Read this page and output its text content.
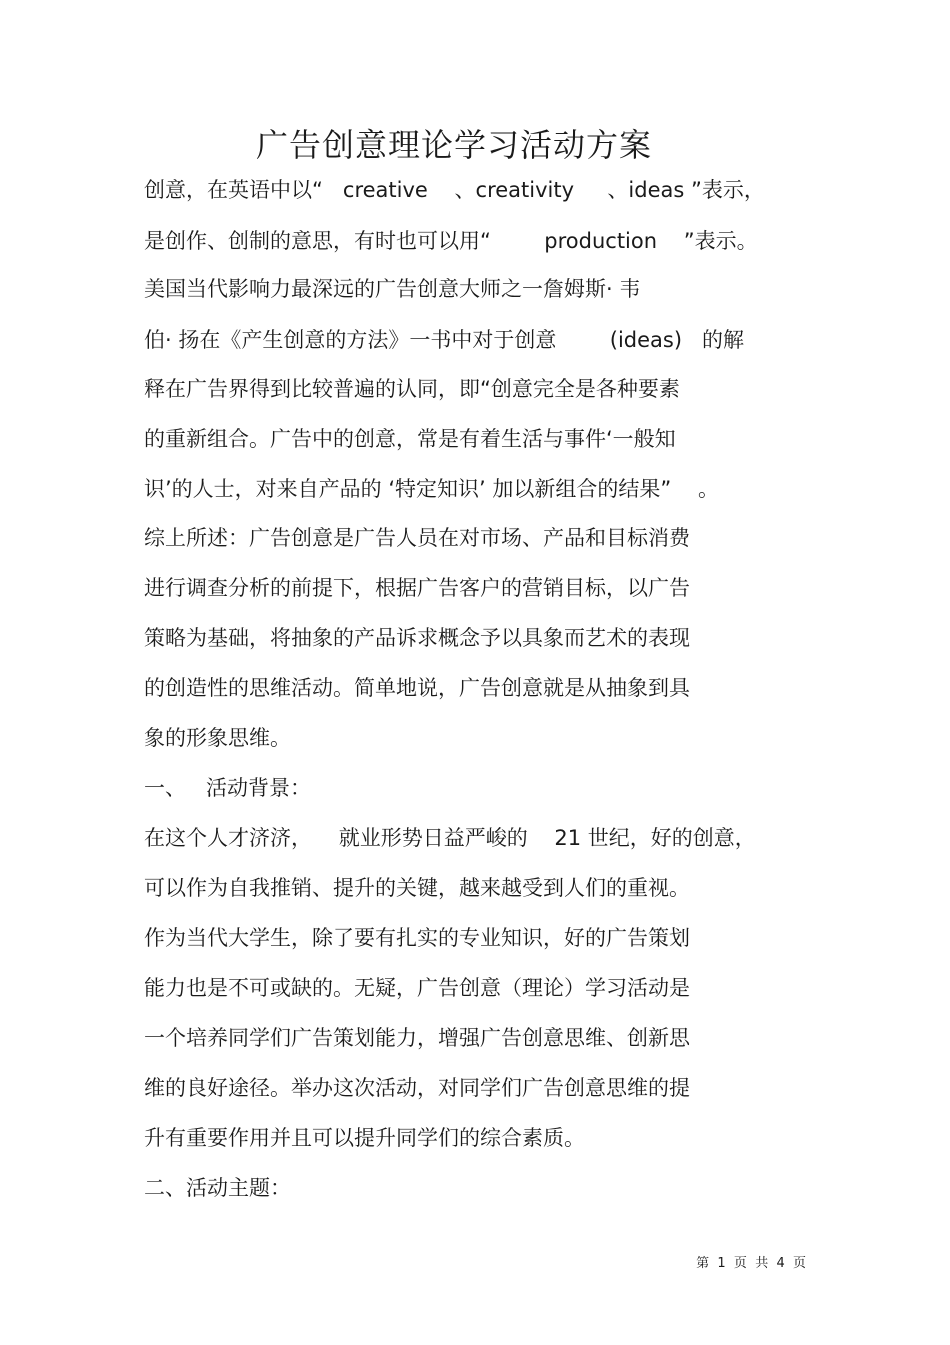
广告创意理论学习活动方案
创意，在英语中以“   creative    、creativity     、ideas ”表示，
是创作、创制的意思，有时也可以用“        production    ”表示。
美国当代影响力最深远的广告创意大师之一詹姆斯· 韦
伯· 扬在《产生创意的方法》一书中对于创意        (ideas)   的解
释在广告界得到比较普遍的认同，即“创意完全是各种要素
的重新组合。广告中的创意，常是有着生活与事件‘一般知
识’的人士，对来自产品的 ‘特定知识’ 加以新组合的结果”    。
综上所述：广告创意是广告人员在对市场、产品和目标消费
进行调查分析的前提下，根据广告客户的营销目标，以广告
策略为基础，将抽象的产品诉求概念予以具象而艺术的表现
的创造性的思维活动。简单地说，广告创意就是从抽象到具
象的形象思维。
一、   活动背景：
在这个人才济济，    就业形势日益严峻的    21 世纪，好的创意，
可以作为自我推销、提升的关键，越来越受到人们的重视。
作为当代大学生，除了要有扎实的专业知识，好的广告策划
能力也是不可或缺的。无疑，广告创意（理论）学习活动是
一个培养同学们广告策划能力，增强广告创意思维、创新思
维的良好途径。举办这次活动，对同学们广告创意思维的提
升有重要作用并且可以提升同学们的综合素质。
二、活动主题：
第  1  页  共  4  页
